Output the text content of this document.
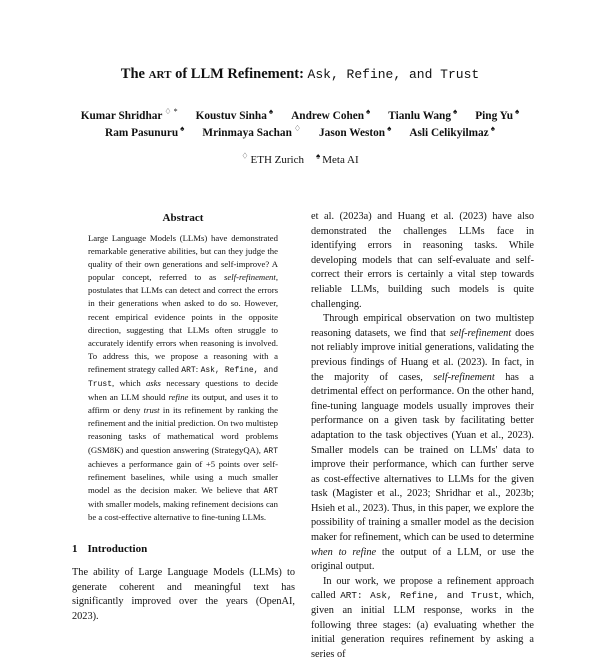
The ART of LLM Refinement: Ask, Refine, and Trust
Kumar Shridhar ♢ * Koustuv Sinha ♠ Andrew Cohen ♠ Tianlu Wang ♠ Ping Yu ♠
Ram Pasunuru ♠ Mrinmaya Sachan ♢ Jason Weston ♠ Asli Celikyilmaz ♠
♢ ETH Zurich ♠ Meta AI
Abstract
Large Language Models (LLMs) have demonstrated remarkable generative abilities, but can they judge the quality of their own generations and self-improve? A popular concept, referred to as self-refinement, postulates that LLMs can detect and correct the errors in their generations when asked to do so. However, recent empirical evidence points in the opposite direction, suggesting that LLMs often struggle to accurately identify errors when reasoning is involved. To address this, we propose a reasoning with a refinement strategy called ART: Ask, Refine, and Trust, which asks necessary questions to decide when an LLM should refine its output, and uses it to affirm or deny trust in its refinement by ranking the refinement and the initial prediction. On two multistep reasoning tasks of mathematical word problems (GSM8K) and question answering (StrategyQA), ART achieves a performance gain of +5 points over self-refinement baselines, while using a much smaller model as the decision maker. We believe that ART with smaller models, making refinement decisions can be a cost-effective alternative to fine-tuning LLMs.
1 Introduction
The ability of Large Language Models (LLMs) to generate coherent and meaningful text has significantly improved over the years (OpenAI, 2023).

et al. (2023a) and Huang et al. (2023) have also demonstrated the challenges LLMs face in identifying errors in reasoning tasks. While developing models that can self-evaluate and self-correct their errors is certainly a vital step towards reliable LLMs, building such models is quite challenging.

Through empirical observation on two multistep reasoning datasets, we find that self-refinement does not reliably improve initial generations, validating the previous findings of Huang et al. (2023). In fact, in the majority of cases, self-refinement has a detrimental effect on performance. On the other hand, fine-tuning language models usually improves their performance on a given task by facilitating better adaptation to the task objectives (Yuan et al., 2023). Smaller models can be trained on LLMs' data to improve their performance, which can further serve as cost-effective alternatives to LLMs for the given task (Magister et al., 2023; Shridhar et al., 2023b; Hsieh et al., 2023). Thus, in this paper, we explore the possibility of training a smaller model as the decision maker for refinement, which can be used to determine when to refine the output of a LLM, or use the original output.

In our work, we propose a refinement approach called ART: Ask, Refine, and Trust, which, given an initial LLM response, works in the following three stages: (a) evaluating whether the initial generation requires refinement by asking a series of
